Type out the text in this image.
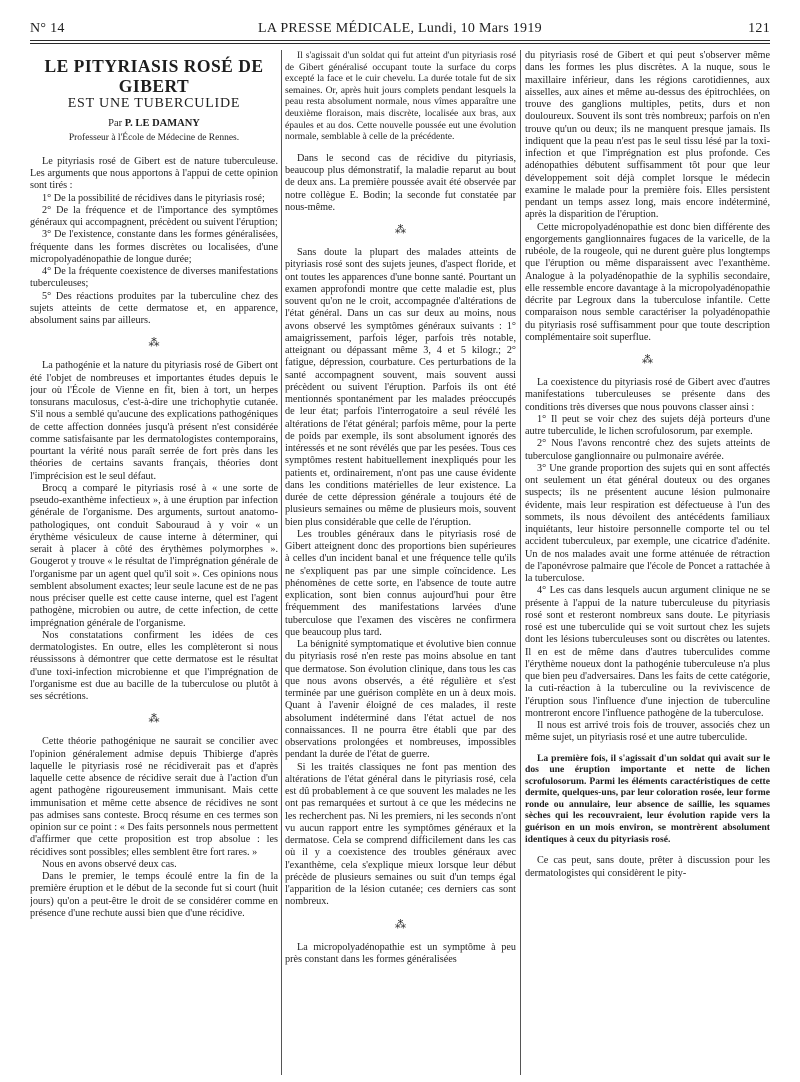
N° 14	LA PRESSE MÉDICALE, Lundi, 10 Mars 1919	121
LE PITYRIASIS ROSÉ DE GIBERT
EST UNE TUBERCULIDE
Par P. LE DAMANY
Professeur à l'École de Médecine de Rennes.

Le pityriasis rosé de Gibert est de nature tuberculeuse. Les arguments que nous apportons à l'appui de cette opinion sont tirés :

1° De la possibilité de récidives dans le pityriasis rosé;

2° De la fréquence et de l'importance des symptômes généraux qui accompagnent, précèdent ou suivent l'éruption;

3° De l'existence, constante dans les formes généralisées, fréquente dans les formes discrètes ou localisées, d'une micropolyadénopathie de longue durée;

4° De la fréquente coexistence de diverses manifestations tuberculeuses;

5° Des réactions produites par la tuberculine chez des sujets atteints de cette dermatose et, en apparence, absolument sains par ailleurs.

⁂

La pathogénie et la nature du pityriasis rosé de Gibert ont été l'objet de nombreuses et importantes études depuis le jour où l'École de Vienne en fit, bien à tort, un herpes tonsurans maculosus, c'est-à-dire une trichophytie cutanée. S'il nous a semblé qu'aucune des explications pathogéniques de cette affection données jusqu'à présent n'est considérée comme satisfaisante par les dermatologistes contemporains, pourtant la vérité nous paraît serrée de fort près dans les théories de certains savants français, théories dont l'imprécision est le seul défaut.

Brocq a comparé le pityriasis rosé à « une sorte de pseudo-exanthème infectieux », à une éruption par infection générale de l'organisme. Des arguments, surtout anatomo-pathologiques, ont conduit Sabouraud à y voir « un érythème vésiculeux de cause interne à déterminer, qui serait à placer à côté des érythèmes polymorphes ». Gougerot y trouve « le résultat de l'imprégnation générale de l'organisme par un agent quel qu'il soit ». Ces opinions nous semblent absolument exactes; leur seule lacune est de ne pas nous préciser quelle est cette cause interne, quel est l'agent pathogène, microbien ou autre, de cette infection, de cette imprégnation générale de l'organisme.

Nos constatations confirment les idées de ces dermatologistes. En outre, elles les complèteront si nous réussissons à démontrer que cette dermatose est le résultat d'une toxi-infection microbienne et que l'imprégnation de l'organisme est due au bacille de la tuberculose ou plutôt à ses sécrétions.

⁂

Cette théorie pathogénique ne saurait se concilier avec l'opinion généralement admise depuis Thibierge d'après laquelle le pityriasis rosé ne récidiverait pas et d'après laquelle cette absence de récidive serait due à l'action d'un agent pathogène rigoureusement immunisant. Mais cette immunisation et même cette absence de récidives ne sont pas admises sans conteste. Brocq résume en ces termes son opinion sur ce point : « Des faits personnels nous permettent d'affirmer que cette proposition est trop absolue : les récidives sont possibles; elles semblent être fort rares. »

Nous en avons observé deux cas.

Dans le premier, le temps écoulé entre la fin de la première éruption et le début de la seconde fut si court (huit jours) qu'on a peut-être le droit de se considérer comme en présence d'une rechute aussi bien que d'une récidive.

Il s'agissait d'un soldat qui fut atteint d'un pityriasis rosé de Gibert généralisé occupant toute la surface du corps excepté la face et le cuir chevelu. La durée totale fut de six semaines. Or, après huit jours complets pendant lesquels la peau resta absolument normale, nous vîmes apparaître une deuxième floraison, mais discrète, localisée aux bras, aux épaules et au dos. Cette nouvelle poussée eut une évolution normale, semblable à celle de la précédente.

Dans le second cas de récidive du pityriasis, beaucoup plus démonstratif, la maladie reparut au bout de deux ans. La première poussée avait été observée par notre collègue E. Bodin; la seconde fut constatée par nous-même.

⁂

Sans doute la plupart des malades atteints de pityriasis rosé sont des sujets jeunes, d'aspect floride, et ont toutes les apparences d'une bonne santé. Pourtant un examen approfondi montre que cette maladie est, plus souvent qu'on ne le croit, accompagnée d'altérations de l'état général. Dans un cas sur deux au moins, nous avons observé les symptômes généraux suivants : 1° amaigrissement, parfois léger, parfois très notable, atteignant ou dépassant même 3, 4 et 5 kilogr.; 2° fatigue, dépression, courbature. Ces perturbations de la santé accompagnent souvent, mais souvent aussi précèdent ou suivent l'éruption. Parfois ils ont été mentionnés spontanément par les malades préoccupés de leur état; parfois l'interrogatoire a seul révélé les altérations de l'état général; parfois même, pour la perte de poids par exemple, ils sont absolument ignorés des intéressés et ne sont révélés que par les pesées. Tous ces symptômes restent habituellement inexpliqués pour les patients et, ordinairement, n'ont pas une cause évidente dans les conditions matérielles de leur existence. La durée de cette dépression générale a toujours été de plusieurs semaines ou même de plusieurs mois, souvent bien plus considérable que celle de l'éruption.

Les troubles généraux dans le pityriasis rosé de Gibert atteignent donc des proportions bien supérieures à celles d'un incident banal et une fréquence telle qu'ils ne s'expliquent pas par une simple coïncidence. Les phénomènes de cette sorte, en l'absence de toute autre explication, sont bien connus aujourd'hui pour être fréquemment des manifestations larvées d'une tuberculose que l'examen des viscères ne confirmera que beaucoup plus tard.

La bénignité symptomatique et évolutive bien connue du pityriasis rosé n'en reste pas moins absolue en tant que dermatose. Son évolution clinique, dans tous les cas que nous avons observés, a été régulière et s'est terminée par une guérison complète en un à deux mois. Quant à l'avenir éloigné de ces malades, il reste absolument indéterminé dans l'état actuel de nos connaissances. Il ne pourra être établi que par des observations prolongées et nombreuses, impossibles pendant la durée de l'état de guerre.

Si les traités classiques ne font pas mention des altérations de l'état général dans le pityriasis rosé, cela est dû probablement à ce que souvent les malades ne les ont pas remarquées et surtout à ce que les médecins ne les recherchent pas. Ni les premiers, ni les seconds n'ont vu aucun rapport entre les symptômes généraux et la dermatose. Cela se comprend difficilement dans les cas où il y a coexistence des troubles généraux avec l'exanthème, cela s'explique mieux lorsque leur début précède de plusieurs semaines ou suit d'un temps égal l'apparition de la lésion cutanée; ces derniers cas sont nombreux.

⁂

La micropolyadénopathie est un symptôme à peu près constant dans les formes généralisées

du pityriasis rosé de Gibert et qui peut s'observer même dans les formes les plus discrètes. A la nuque, sous le maxillaire inférieur, dans les régions carotidiennes, aux aisselles, aux aines et même au-dessus des épitrochlées, on trouve des ganglions multiples, petits, durs et non douloureux. Souvent ils sont très nombreux; parfois on n'en trouve qu'un ou deux; ils ne manquent presque jamais. Ils indiquent que la peau n'est pas le seul tissu lésé par la toxi-infection et que l'imprégnation est plus profonde. Ces adénopathies débutent suffisamment tôt pour que leur développement soit déjà complet lorsque le médecin examine le malade pour la première fois. Elles persistent pendant un temps assez long, mais encore indéterminé, après la disparition de l'éruption.

Cette micropolyadénopathie est donc bien différente des engorgements ganglionnaires fugaces de la varicelle, de la rubéole, de la rougeole, qui ne durent guère plus longtemps que l'éruption ou même disparaissent avec l'exanthème. Analogue à la polyadénopathie de la syphilis secondaire, elle ressemble encore davantage à la micropolyadénopathie décrite par Legroux dans la tuberculose infantile. Cette comparaison nous semble caractériser la polyadénopathie du pityriasis rosé suffisamment pour que toute description complémentaire soit superflue.

⁂

La coexistence du pityriasis rosé de Gibert avec d'autres manifestations tuberculeuses se présente dans des conditions très diverses que nous pouvons classer ainsi :

1° Il peut se voir chez des sujets déjà porteurs d'une autre tuberculide, le lichen scrofulosorum, par exemple.

2° Nous l'avons rencontré chez des sujets atteints de tuberculose ganglionnaire ou pulmonaire avérée.

3° Une grande proportion des sujets qui en sont affectés ont seulement un état général douteux ou des organes suspects; ils ne présentent aucune lésion pulmonaire évidente, mais leur respiration est défectueuse à l'un des sommets, ils nous dévoilent des antécédents familiaux inquiétants, leur histoire personnelle comporte tel ou tel accident tuberculeux, par exemple, une cicatrice d'adénite. Un de nos malades avait une forme atténuée de rétraction de l'aponévrose palmaire que l'école de Poncet a rattachée à la tuberculose.

4° Les cas dans lesquels aucun argument clinique ne se présente à l'appui de la nature tuberculeuse du pityriasis rosé sont et resteront nombreux sans doute. Le pityriasis rosé est une tuberculide qui se voit surtout chez les sujets dont les lésions tuberculeuses sont ou discrètes ou latentes. Il en est de même dans d'autres tuberculides comme l'érythème noueux dont la pathogénie tuberculeuse n'a plus que bien peu d'adversaires. Dans les faits de cette catégorie, la cuti-réaction à la tuberculine ou la reviviscence de l'éruption sous l'influence d'une injection de tuberculine montreront encore l'influence pathogène de la tuberculose.

Il nous est arrivé trois fois de trouver, associés chez un même sujet, un pityriasis rosé et une autre tuberculide.

La première fois, il s'agissait d'un soldat qui avait sur le dos une éruption importante et nette de lichen scrofulosorum. Parmi les éléments caractéristiques de cette dermite, quelques-uns, par leur coloration rosée, leur forme ronde ou annulaire, leur absence de saillie, les squames sèches qui les recouvraient, leur évolution rapide vers la guérison en un mois environ, se montrèrent absolument identiques à ceux du pityriasis rosé.

Ce cas peut, sans doute, prêter à discussion pour les dermatologistes qui considèrent le pity-
